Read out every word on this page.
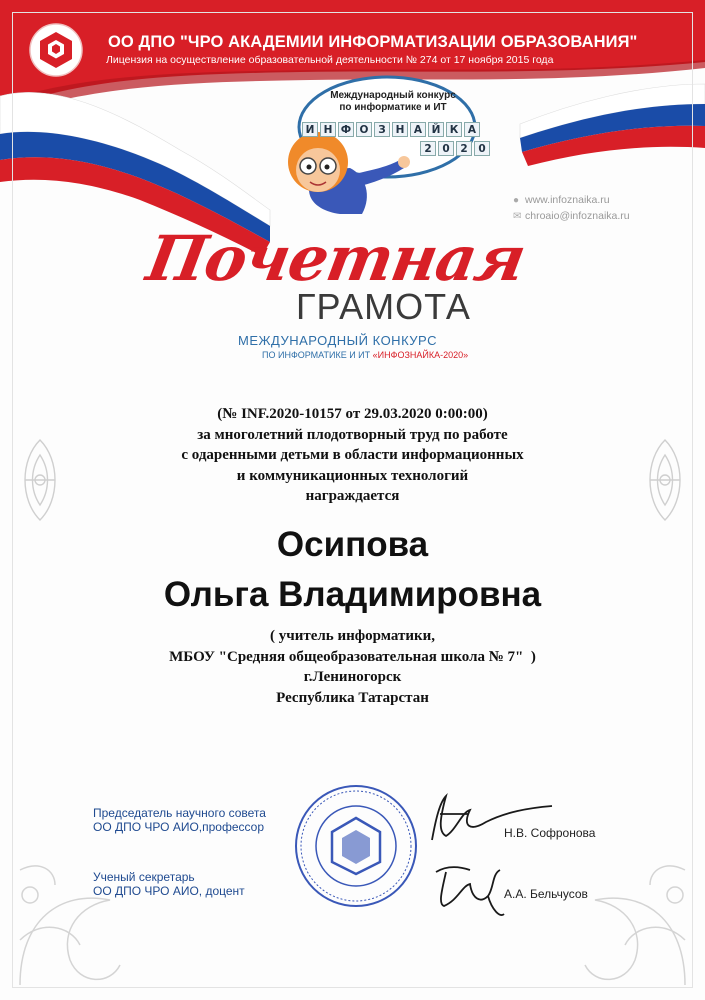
ОО ДПО "ЧРО АКАДЕМИИ ИНФОРМАТИЗАЦИИ ОБРАЗОВАНИЯ"
Лицензия на осуществление образовательной деятельности № 274 от 17 ноября 2015 года
Международный конкурс
по информатике и ИТ
И Н Ф О З Н А Й К А
2	0	2	0
● www.infoznaika.ru
✉ chroaio@infoznaika.ru
Почетная
ГРАМОТА
МЕЖДУНАРОДНЫЙ КОНКУРС
ПО ИНФОРМАТИКЕ И ИТ «ИНФОЗНАЙКА-2020»
(№ INF.2020-10157 от 29.03.2020 0:00:00)
за многолетний плодотворный труд по работе
с одаренными детьми в области информационных
и коммуникационных технологий
награждается
Осипова
Ольга Владимировна
( учитель информатики,
МБОУ "Средняя общеобразовательная школа № 7"  )
г.Лениногорск
Республика Татарстан
Председатель научного совета
ОО ДПО ЧРО АИО,профессор	Н.В. Софронова
Ученый секретарь
ОО ДПО ЧРО АИО, доцент	А.А. Бельчусов
